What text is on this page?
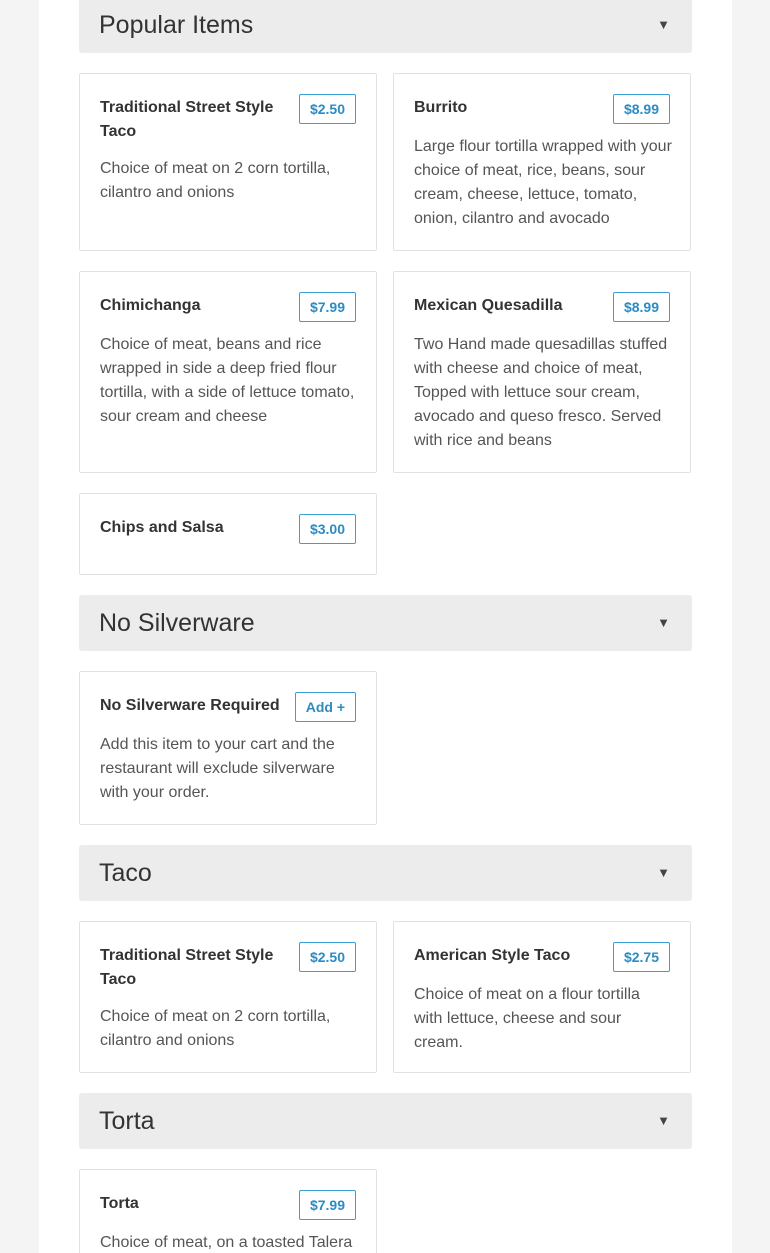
Popular Items	▼
Traditional Street Style Taco
$2.50
Choice of meat on 2 corn tortilla, cilantro and onions
Burrito	$8.99
Large flour tortilla wrapped with your choice of meat, rice, beans, sour cream, cheese, lettuce, tomato, onion, cilantro and avocado
Chimichanga	$7.99
Choice of meat, beans and rice wrapped in side a deep fried flour tortilla, with a side of lettuce tomato, sour cream and cheese
Mexican Quesadilla	$8.99
Two Hand made quesadillas stuffed with cheese and choice of meat, Topped with lettuce sour cream, avocado and queso fresco. Served with rice and beans
Chips and Salsa	$3.00
No Silverware	▼
No Silverware Required	Add +
Add this item to your cart and the restaurant will exclude silverware with your order.
Taco	▼
Traditional Street Style Taco
$2.50
Choice of meat on 2 corn tortilla, cilantro and onions
American Style Taco	$2.75
Choice of meat on a flour tortilla with lettuce, cheese and sour cream.
Torta	▼
Torta	$7.99
Choice of meat, on a toasted Talera
